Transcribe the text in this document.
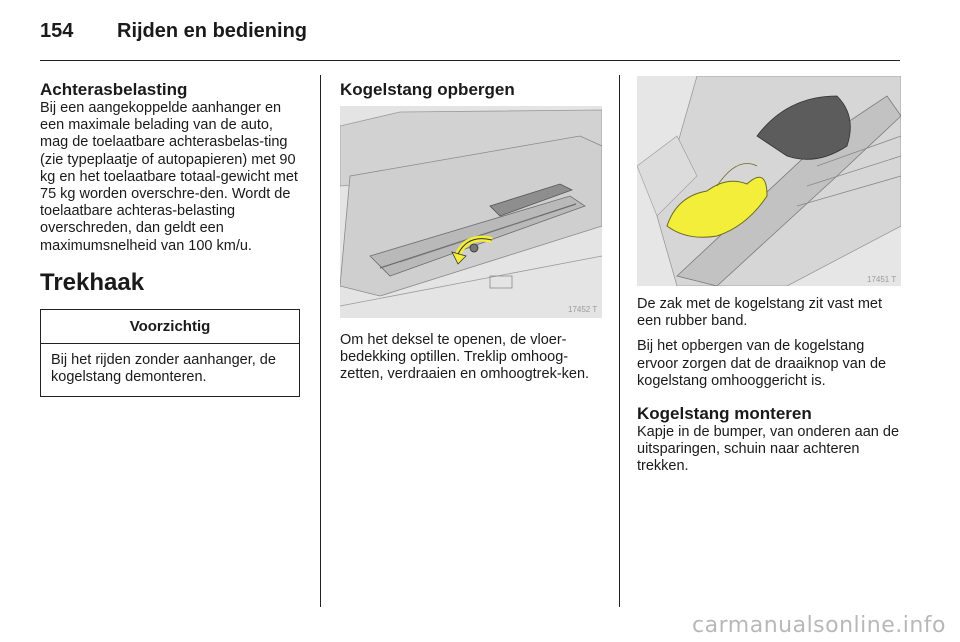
154 Rijden en bediening

Achterasbelasting

Bij een aangekoppelde aanhanger en een maximale belading van de auto, mag de toelaatbare achterasbelas-ting (zie typeplaatje of autopapieren) met 90 kg en het toelaatbare totaal-gewicht met 75 kg worden overschre-den. Wordt de toelaatbare achteras-belasting overschreden, dan geldt een maximumsnelheid van 100 km/u.

Trekhaak

Voorzichtig
Bij het rijden zonder aanhanger, de kogelstang demonteren.

Kogelstang opbergen

Om het deksel te openen, de vloer-bedekking optillen. Treklip omhoog-zetten, verdraaien en omhoogtrek-ken.

17452 T
17451 T

De zak met de kogelstang zit vast met een rubber band.

Bij het opbergen van de kogelstang ervoor zorgen dat de draaiknop van de kogelstang omhooggericht is.

Kogelstang monteren

Kapje in de bumper, van onderen aan de uitsparingen, schuin naar achteren trekken.

carmanualsonline.info
